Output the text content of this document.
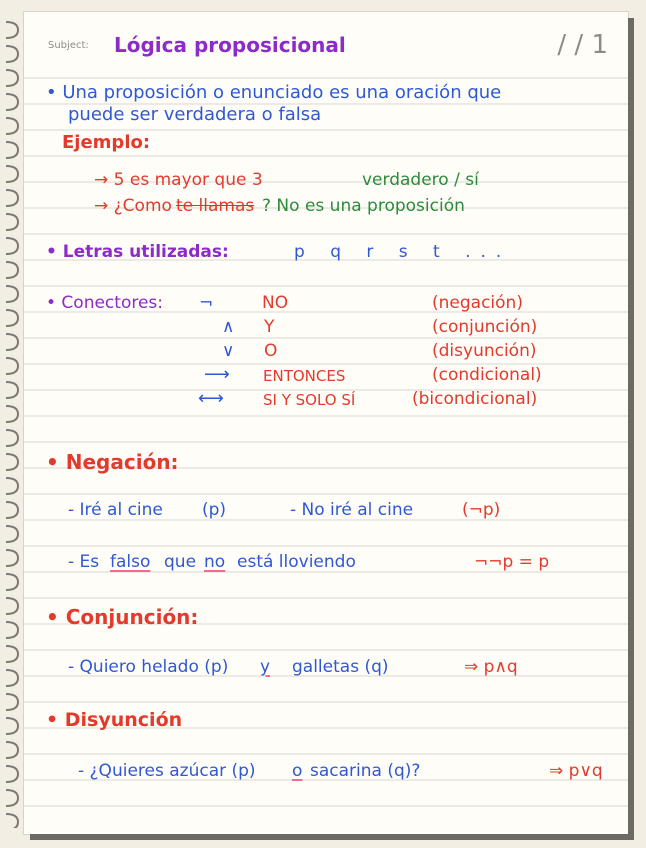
Subject: Lógica proposicional	/ / 1
• Una proposición o enunciado es una oración que
puede ser verdadera o falsa
Ejemplo:
→ 5 es mayor que 3	verdadero / sí
→ ¿Como te llamas ? No es una proposición
• Letras utilizadas:	p q r s t ...
• Conectores: ¬	NO	(negación)
∧ Y	(conjunción)
∨ O	(disyunción)
⟶ ENTONCES	(condicional)
⟷	SI Y SOLO SÍ	(bicondicional)
• Negación:
- Iré al cine (p)	- No iré al cine	(¬p)
- Es falso que no está lloviendo	¬¬p = p
• Conjunción:
- Quiero helado (p) y galletas (q)	⇒ p∧q
• Disyunción
- ¿Quieres azúcar (p) o sacarina (q)?	⇒ p∨q
